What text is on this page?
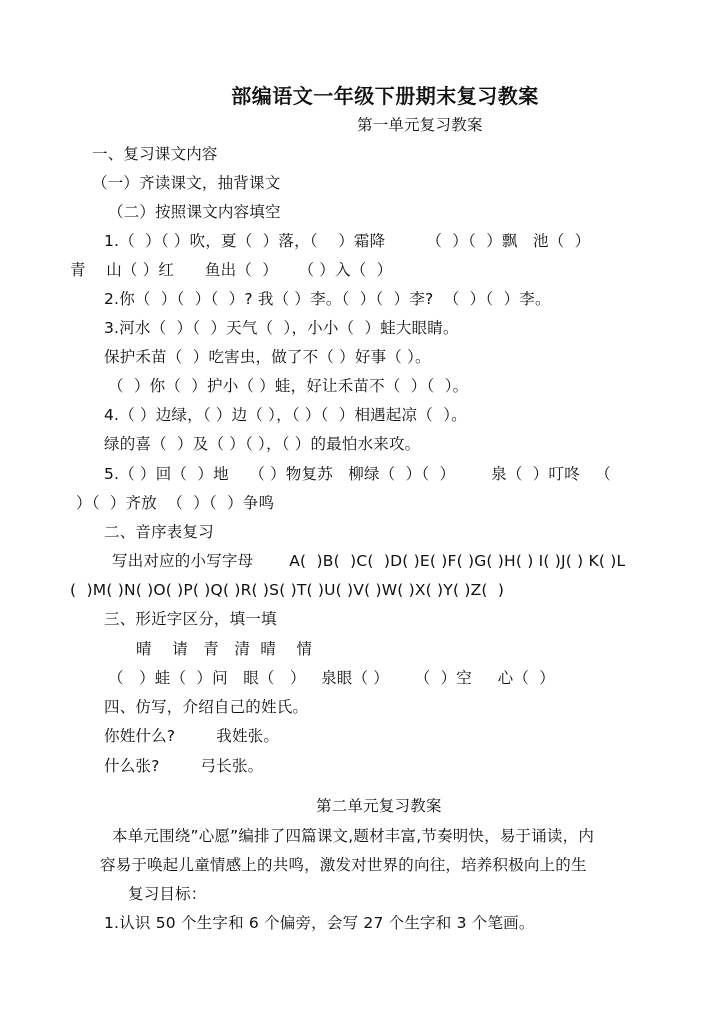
部编语文一年级下册期末复习教案
第一单元复习教案
一、复习课文内容
（一）齐读课文，抽背课文
（二）按照课文内容填空
1.（  ）（ ）吹，夏（  ）落，（    ）霜降        （  ）（  ）飘   池（  ）
青    山（ ）红      鱼出（  ）    （ ）入（  ）
2.你（  ）（  ）（  ）? 我（ ）李。（  ）（  ）李?  （  ）（  ）李。
3.河水（  ）（  ）天气（  ），小小（  ）蛙大眼睛。
保护禾苗（  ）吃害虫，做了不（ ）好事（ ）。
（  ）你（  ）护小（ ）蛙，好让禾苗不（  ）（  ）。
4.（ ）边绿，（ ）边（ ），（ ）（  ）相遇起凉（  ）。
绿的喜（  ）及（ ）（ ），（ ）的最怕水来攻。
5.（ ）回（  ）地    （ ）物复苏   柳绿（  ）（  ）       泉（  ）叮咚   （
）（  ）齐放  （  ）（  ）争鸣
二、音序表复习
写出对应的小写字母       A(  )B(  )C(  )D( )E( )F( )G( )H( ) I( )J( ) K( )L
(  )M( )N( )O( )P( )Q( )R( )S( )T( )U( )V( )W( )X( )Y( )Z(  )
三、形近字区分，填一填
晴    请   青   清  晴    情
（   ）蛙（  ）问   眼（   ）   泉眼（ ）     （  ）空     心（  ）
四、仿写，介绍自己的姓氏。
你姓什么?        我姓张。
什么张?        弓长张。
第二单元复习教案
本单元围绕”心愿”编排了四篇课文,题材丰富,节奏明快，易于诵读，内
容易于唤起儿童情感上的共鸣，激发对世界的向往，培养积极向上的生
复习目标：
1.认识 50 个生字和 6 个偏旁，会写 27 个生字和 3 个笔画。
